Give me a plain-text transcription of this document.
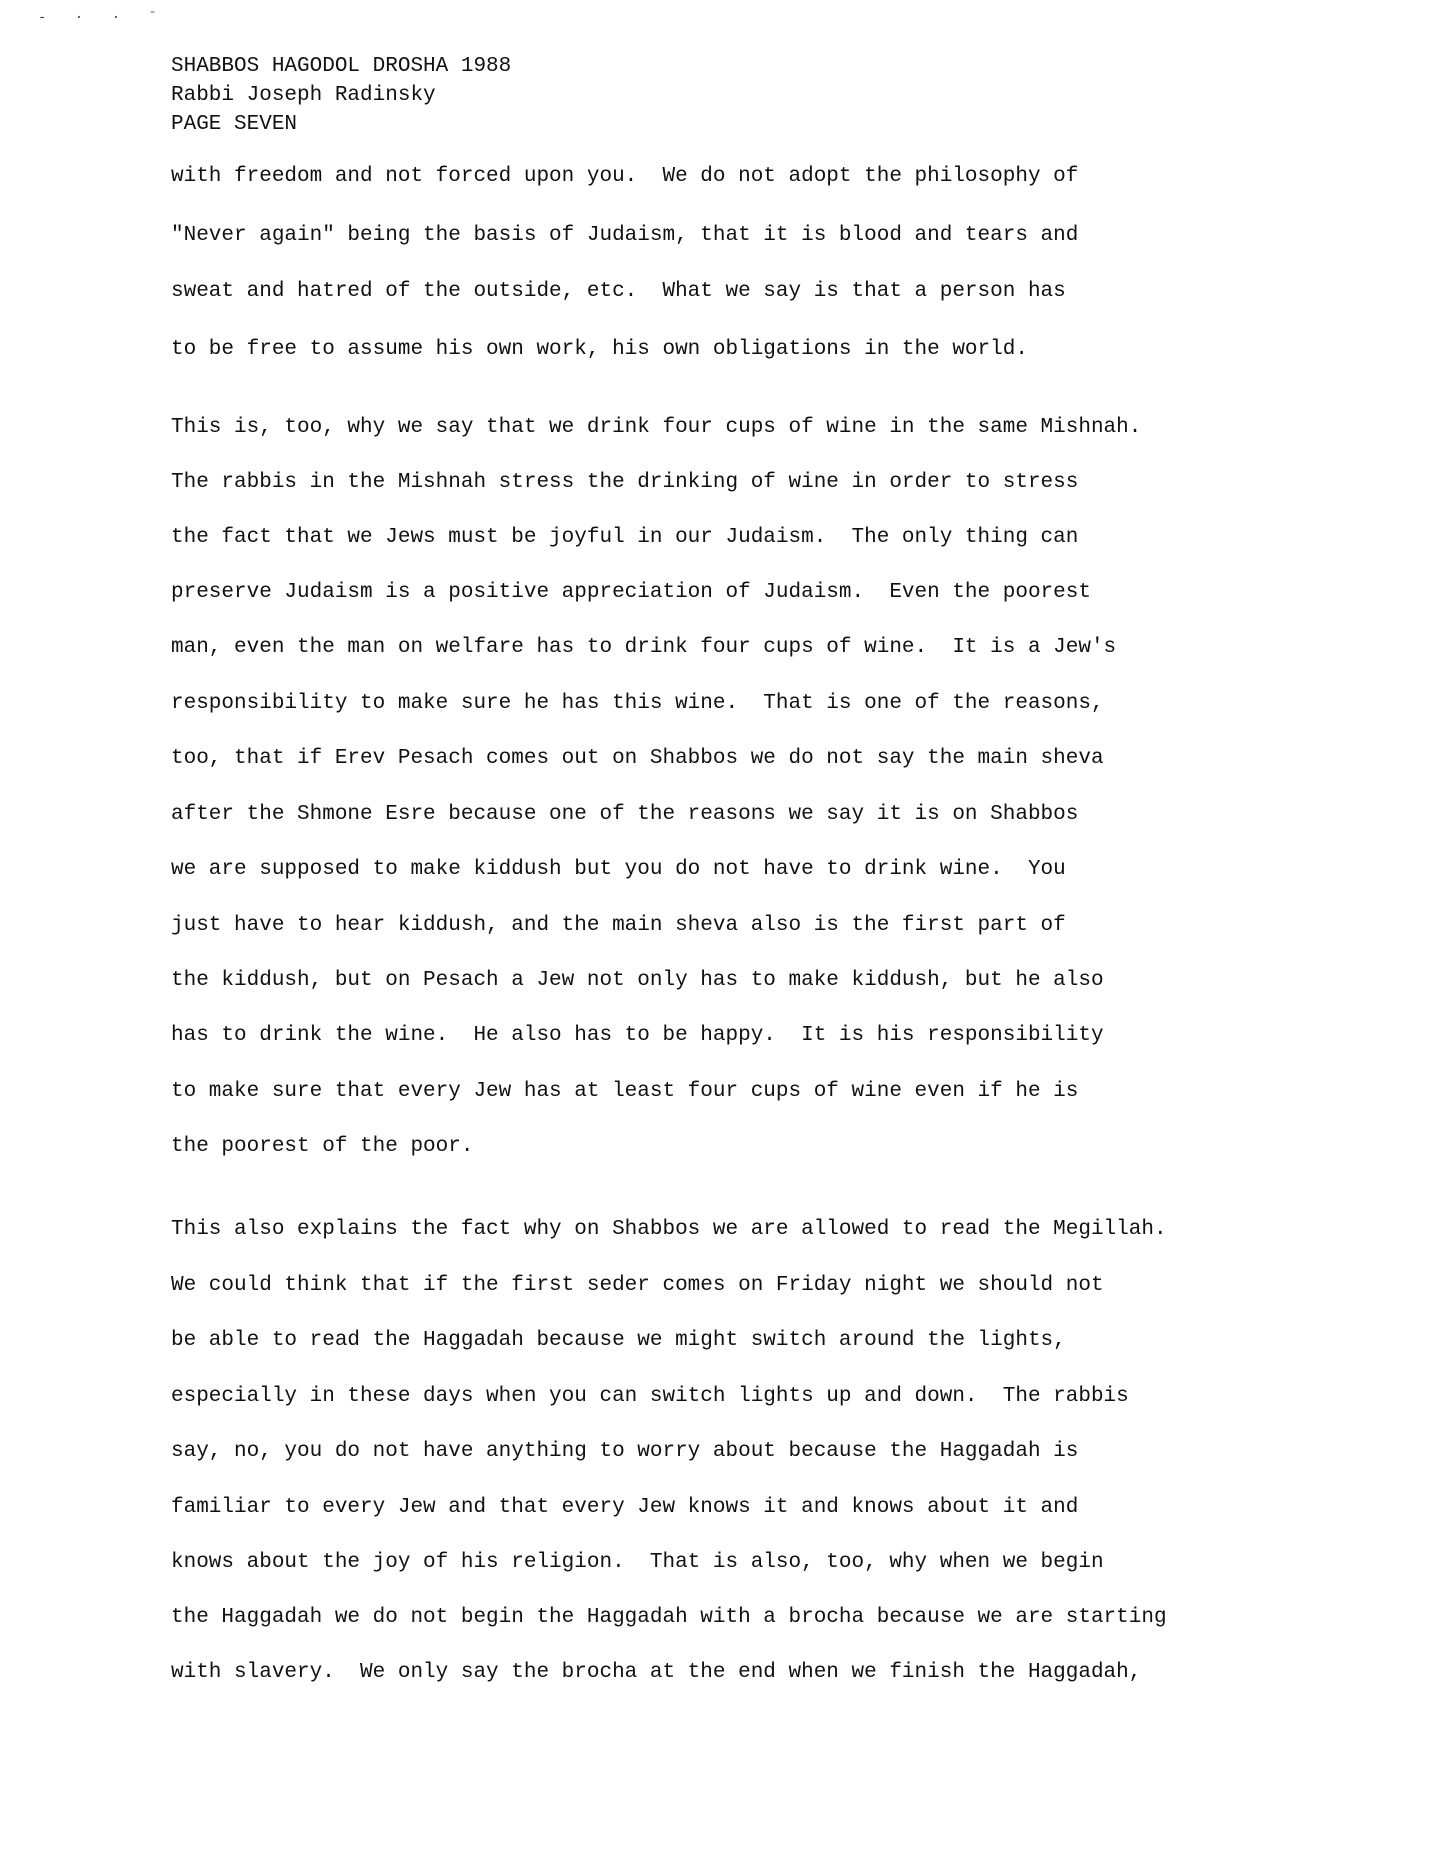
- · · ˉ
SHABBOS HAGODOL DROSHA 1988
Rabbi Joseph Radinsky
PAGE SEVEN
with freedom and not forced upon you.  We do not adopt the philosophy of
"Never again" being the basis of Judaism, that it is blood and tears and
sweat and hatred of the outside, etc.  What we say is that a person has
to be free to assume his own work, his own obligations in the world.
This is, too, why we say that we drink four cups of wine in the same Mishnah.
The rabbis in the Mishnah stress the drinking of wine in order to stress
the fact that we Jews must be joyful in our Judaism.  The only thing can
preserve Judaism is a positive appreciation of Judaism.  Even the poorest
man, even the man on welfare has to drink four cups of wine.  It is a Jew's
responsibility to make sure he has this wine.  That is one of the reasons,
too, that if Erev Pesach comes out on Shabbos we do not say the main sheva
after the Shmone Esre because one of the reasons we say it is on Shabbos
we are supposed to make kiddush but you do not have to drink wine.  You
just have to hear kiddush, and the main sheva also is the first part of
the kiddush, but on Pesach a Jew not only has to make kiddush, but he also
has to drink the wine.  He also has to be happy.  It is his responsibility
to make sure that every Jew has at least four cups of wine even if he is
the poorest of the poor.
This also explains the fact why on Shabbos we are allowed to read the Megillah.
We could think that if the first seder comes on Friday night we should not
be able to read the Haggadah because we might switch around the lights,
especially in these days when you can switch lights up and down.  The rabbis
say, no, you do not have anything to worry about because the Haggadah is
familiar to every Jew and that every Jew knows it and knows about it and
knows about the joy of his religion.  That is also, too, why when we begin
the Haggadah we do not begin the Haggadah with a brocha because we are starting
with slavery.  We only say the brocha at the end when we finish the Haggadah,
